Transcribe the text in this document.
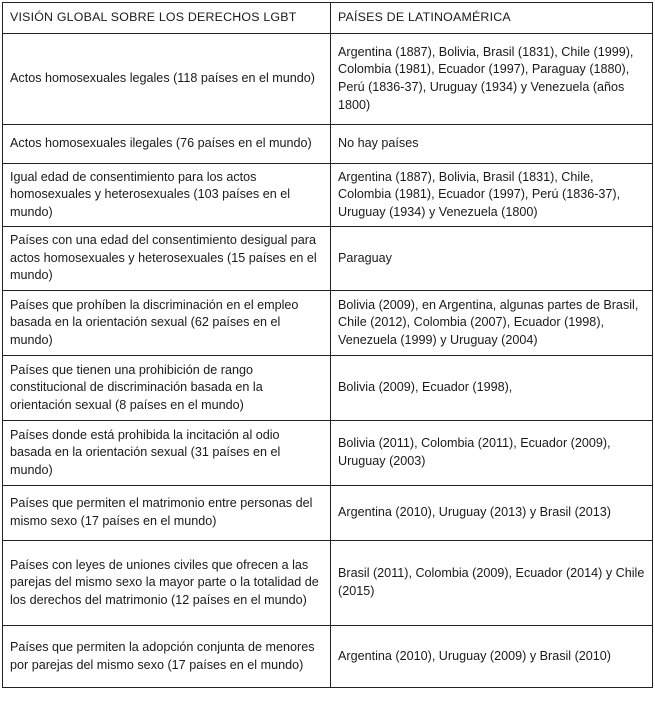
VISIÓN GLOBAL SOBRE LOS DERECHOS LGBT	PAÍSES DE LATINOAMÉRICA
Actos homosexuales legales (118 países en el mundo)	Argentina (1887), Bolivia, Brasil (1831), Chile (1999), Colombia (1981), Ecuador (1997), Paraguay (1880), Perú (1836-37), Uruguay (1934) y Venezuela (años 1800)
Actos homosexuales ilegales (76 países en el mundo)	No hay países
Igual edad de consentimiento para los actos homosexuales y heterosexuales (103 países en el mundo)	Argentina (1887), Bolivia, Brasil (1831), Chile, Colombia (1981), Ecuador (1997), Perú (1836-37), Uruguay (1934) y Venezuela (1800)
Países con una edad del consentimiento desigual para actos homosexuales y heterosexuales (15 países en el mundo)	Paraguay
Países que prohíben la discriminación en el empleo basada en la orientación sexual (62 países en el mundo)	Bolivia (2009), en Argentina, algunas partes de Brasil, Chile (2012), Colombia (2007), Ecuador (1998), Venezuela (1999) y Uruguay (2004)
Países que tienen una prohibición de rango constitucional de discriminación basada en la orientación sexual (8 países en el mundo)	Bolivia (2009), Ecuador (1998),
Países donde está prohibida la incitación al odio basada en la orientación sexual (31 países en el mundo)	Bolivia (2011), Colombia (2011), Ecuador (2009), Uruguay (2003)
Países que permiten el matrimonio entre personas del mismo sexo (17 países en el mundo)	Argentina (2010), Uruguay (2013) y Brasil (2013)
Países con leyes de uniones civiles que ofrecen a las parejas del mismo sexo la mayor parte o la totalidad de los derechos del matrimonio (12 países en el mundo)	Brasil (2011), Colombia (2009), Ecuador (2014) y Chile (2015)
Países que permiten la adopción conjunta de menores por parejas del mismo sexo (17 países en el mundo)	Argentina (2010), Uruguay (2009) y Brasil (2010)
